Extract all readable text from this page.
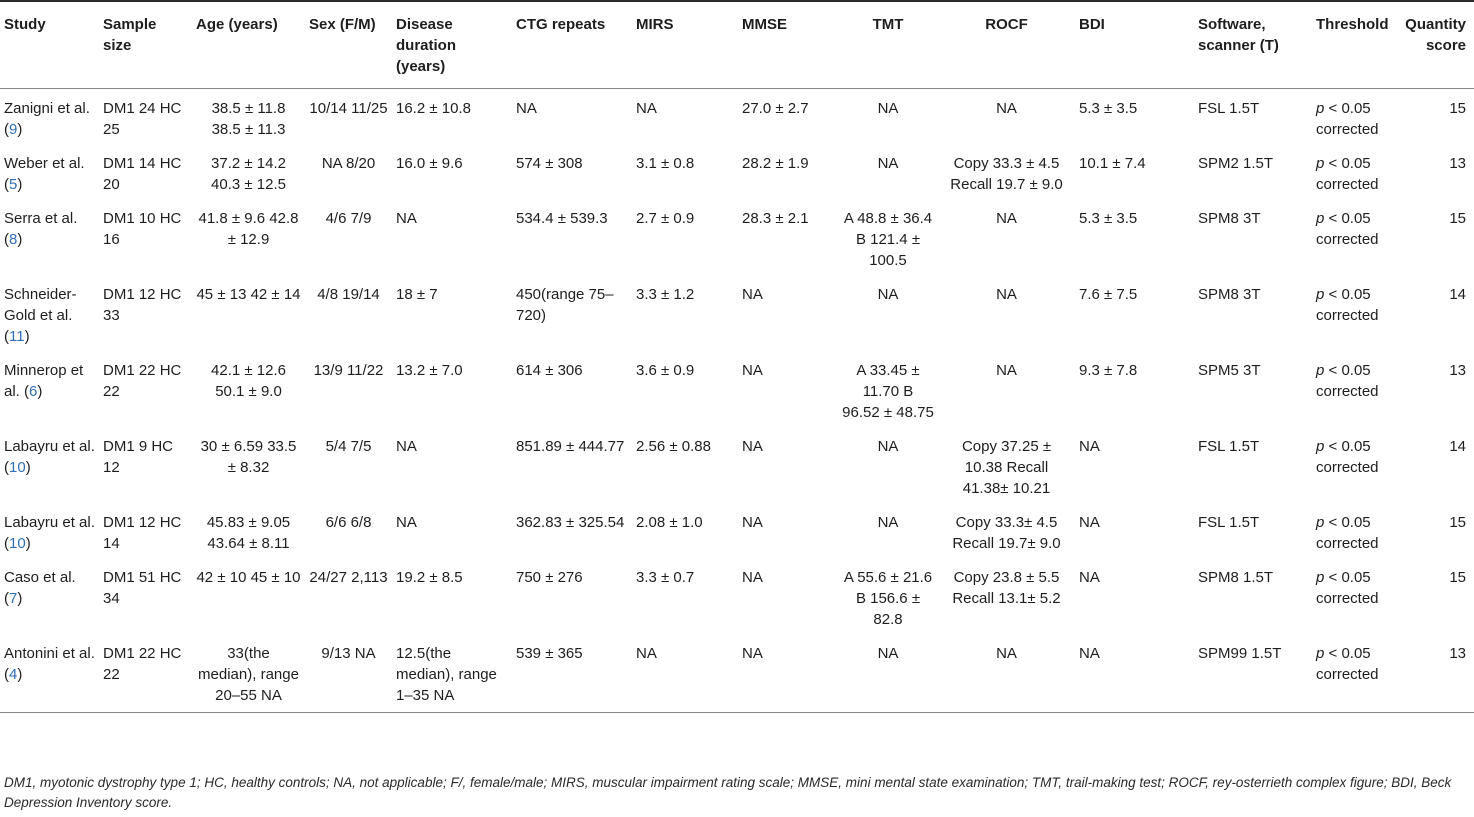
Study	Sample size	Age (years)	Sex (F/M)	Disease duration (years)	CTG repeats	MIRS	MMSE	TMT	ROCF	BDI	Software, scanner (T)	Threshold	Quantity score
Zanigni et al. (9)	DM1 24 HC 25	38.5 ± 11.8 38.5 ± 11.3	10/14 11/25	16.2 ± 10.8	NA	NA	27.0 ± 2.7	NA	NA	5.3 ± 3.5	FSL 1.5T	p < 0.05 corrected	15
Weber et al. (5)	DM1 14 HC 20	37.2 ± 14.2 40.3 ± 12.5	NA 8/20	16.0 ± 9.6	574 ± 308	3.1 ± 0.8	28.2 ± 1.9	NA	Copy 33.3 ± 4.5 Recall 19.7 ± 9.0	10.1 ± 7.4	SPM2 1.5T	p < 0.05 corrected	13
Serra et al. (8)	DM1 10 HC 16	41.8 ± 9.6 42.8 ± 12.9	4/6 7/9	NA	534.4 ± 539.3	2.7 ± 0.9	28.3 ± 2.1	A 48.8 ± 36.4 B 121.4 ± 100.5	NA	5.3 ± 3.5	SPM8 3T	p < 0.05 corrected	15
Schneider-Gold et al. (11)	DM1 12 HC 33	45 ± 13 42 ± 14	4/8 19/14	18 ± 7	450(range 75–720)	3.3 ± 1.2	NA	NA	NA	7.6 ± 7.5	SPM8 3T	p < 0.05 corrected	14
Minnerop et al. (6)	DM1 22 HC 22	42.1 ± 12.6 50.1 ± 9.0	13/9 11/22	13.2 ± 7.0	614 ± 306	3.6 ± 0.9	NA	A 33.45 ± 11.70 B 96.52 ± 48.75	NA	9.3 ± 7.8	SPM5 3T	p < 0.05 corrected	13
Labayru et al. (10)	DM1 9 HC 12	30 ± 6.59 33.5 ± 8.32	5/4 7/5	NA	851.89 ± 444.77	2.56 ± 0.88	NA	NA	Copy 37.25 ± 10.38 Recall 41.38± 10.21	NA	FSL 1.5T	p < 0.05 corrected	14
Labayru et al. (10)	DM1 12 HC 14	45.83 ± 9.05 43.64 ± 8.11	6/6 6/8	NA	362.83 ± 325.54	2.08 ± 1.0	NA	NA	Copy 33.3± 4.5 Recall 19.7± 9.0	NA	FSL 1.5T	p < 0.05 corrected	15
Caso et al. (7)	DM1 51 HC 34	42 ± 10 45 ± 10	24/27 2,113	19.2 ± 8.5	750 ± 276	3.3 ± 0.7	NA	A 55.6 ± 21.6 B 156.6 ± 82.8	Copy 23.8 ± 5.5 Recall 13.1± 5.2	NA	SPM8 1.5T	p < 0.05 corrected	15
Antonini et al. (4)	DM1 22 HC 22	33(the median), range 20–55 NA	9/13 NA	12.5(the median), range 1–35 NA	539 ± 365	NA	NA	NA	NA	NA	SPM99 1.5T	p < 0.05 corrected	13
DM1, myotonic dystrophy type 1; HC, healthy controls; NA, not applicable; F/, female/male; MIRS, muscular impairment rating scale; MMSE, mini mental state examination; TMT, trail-making test; ROCF, rey-osterrieth complex figure; BDI, Beck Depression Inventory score.
